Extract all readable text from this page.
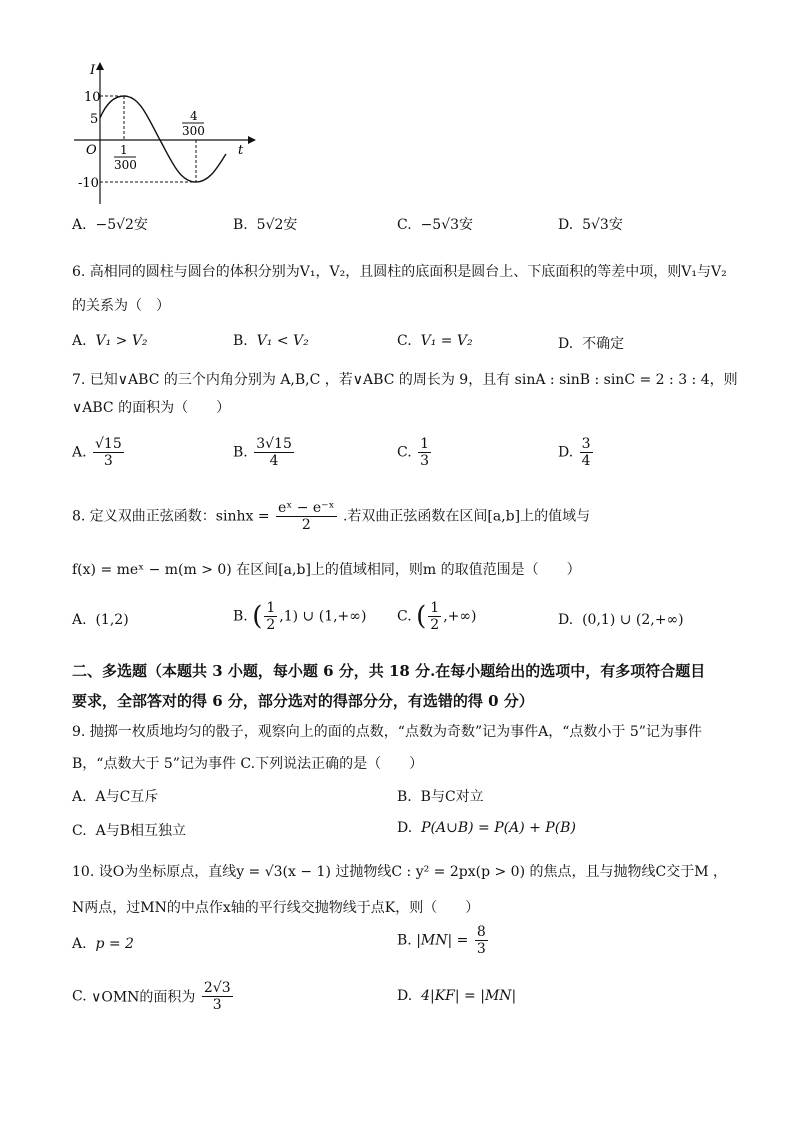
I
t
O
10
5
-10
1
300
4
300
A. −5√2安	B. 5√2安	C. −5√3安	D. 5√3安
6. 高相同的圆柱与圆台的体积分别为V₁，V₂，且圆柱的底面积是圆台上、下底面积的等差中项，则V₁与V₂
的关系为（　）
A. V₁ > V₂	B. V₁ < V₂	C. V₁ = V₂	D. 不确定
7. 已知∨ABC 的三个内角分别为 A,B,C ，若∨ABC 的周长为 9，且有 sinA : sinB : sinC = 2 : 3 : 4，则
∨ABC 的面积为（　　）
A. $\frac{√15}{3}$	B. $\frac{3√15}{4}$	C. $\frac{1}{3}$	D. $\frac{3}{4}$
8. 定义双曲正弦函数：$\sinh x = \frac{\text{eˣ − e⁻ˣ}}{2}$ .若双曲正弦函数在区间[a,b]上的值域与
f(x) = meˣ − m(m > 0) 在区间[a,b]上的值域相同，则m 的取值范围是（　　）
A. (1,2)	B. ( $\frac{1}{2} ,1$) ∪ (1,+∞) C. ( $\frac{1}{2}$ ,+∞)	D. (0,1) ∪ (2,+∞)
二、多选题（本题共 3 小题，每小题 6 分，共 18 分.在每小题给出的选项中，有多项符合题目
要求，全部答对的得 6 分，部分选对的得部分分，有选错的得 0 分）
9. 抛掷一枚质地均匀的骰子，观察向上的面的点数，“点数为奇数”记为事件A，“点数小于 5”记为事件
B，“点数大于 5”记为事件 C.下列说法正确的是（　　）
A. A与C互斥	B. B与C对立
C. A与B相互独立	D. P(A∪B) = P(A) + P(B)
10. 设O为坐标原点，直线y = √3(x − 1) 过抛物线C : y² = 2px(p > 0) 的焦点，且与抛物线C交于M ，
N两点，过MN的中点作x轴的平行线交抛物线于点K，则（　　）
A. p = 2	B. $|MN| = \frac{8}{3}$
C. ∨OMN的面积为 $\frac{2√3}{3}$	D. 4|KF| = |MN|
